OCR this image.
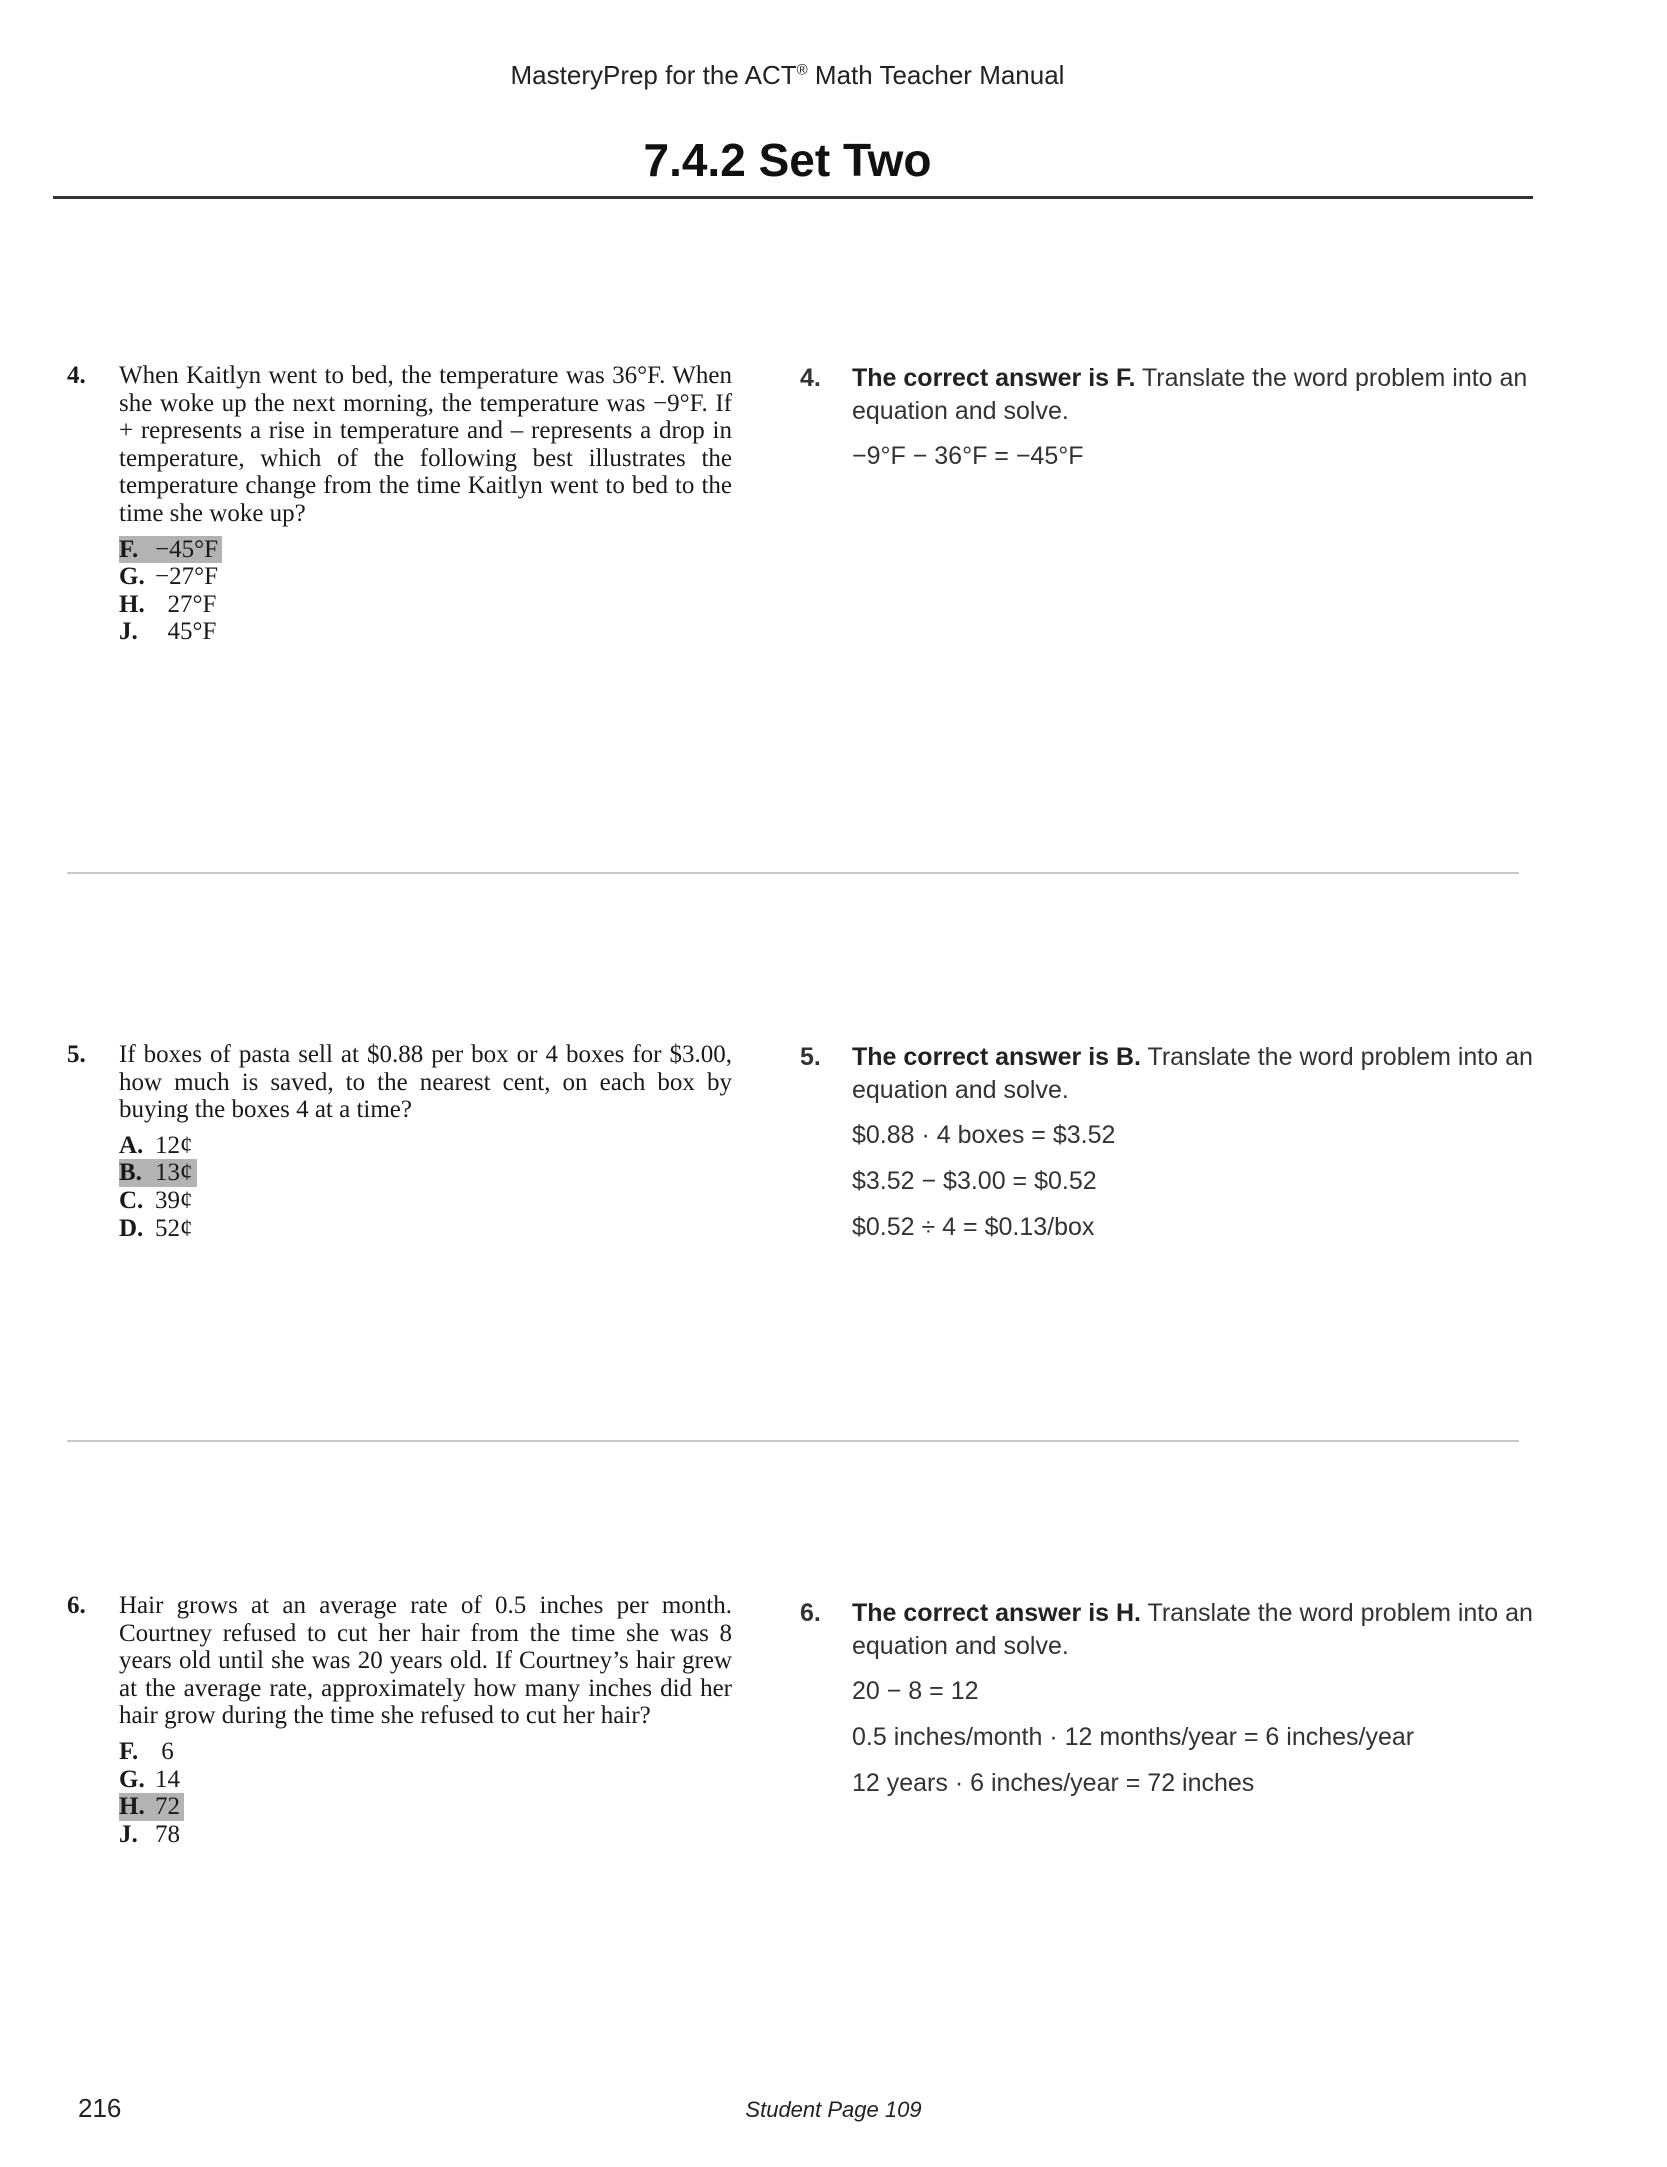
MasteryPrep for the ACT® Math Teacher Manual
7.4.2 Set Two
4. When Kaitlyn went to bed, the temperature was 36°F. When she woke up the next morning, the temperature was −9°F. If + represents a rise in temperature and – represents a drop in temperature, which of the following best illustrates the temperature change from the time Kaitlyn went to bed to the time she woke up?
F. −45°F
G. −27°F
H.  27°F
J.  45°F
4. The correct answer is F. Translate the word problem into an equation and solve.
−9°F − 36°F = −45°F
5. If boxes of pasta sell at $0.88 per box or 4 boxes for $3.00, how much is saved, to the nearest cent, on each box by buying the boxes 4 at a time?
A. 12¢
B. 13¢
C. 39¢
D. 52¢
5. The correct answer is B. Translate the word problem into an equation and solve.
$0.88 · 4 boxes = $3.52
$3.52 − $3.00 = $0.52
$0.52 ÷ 4 = $0.13/box
6. Hair grows at an average rate of 0.5 inches per month. Courtney refused to cut her hair from the time she was 8 years old until she was 20 years old. If Courtney’s hair grew at the average rate, approximately how many inches did her hair grow during the time she refused to cut her hair?
F. 6
G. 14
H. 72
J. 78
6. The correct answer is H. Translate the word problem into an equation and solve.
20 − 8 = 12
0.5 inches/month · 12 months/year = 6 inches/year
12 years · 6 inches/year = 72 inches
216	Student Page 109
